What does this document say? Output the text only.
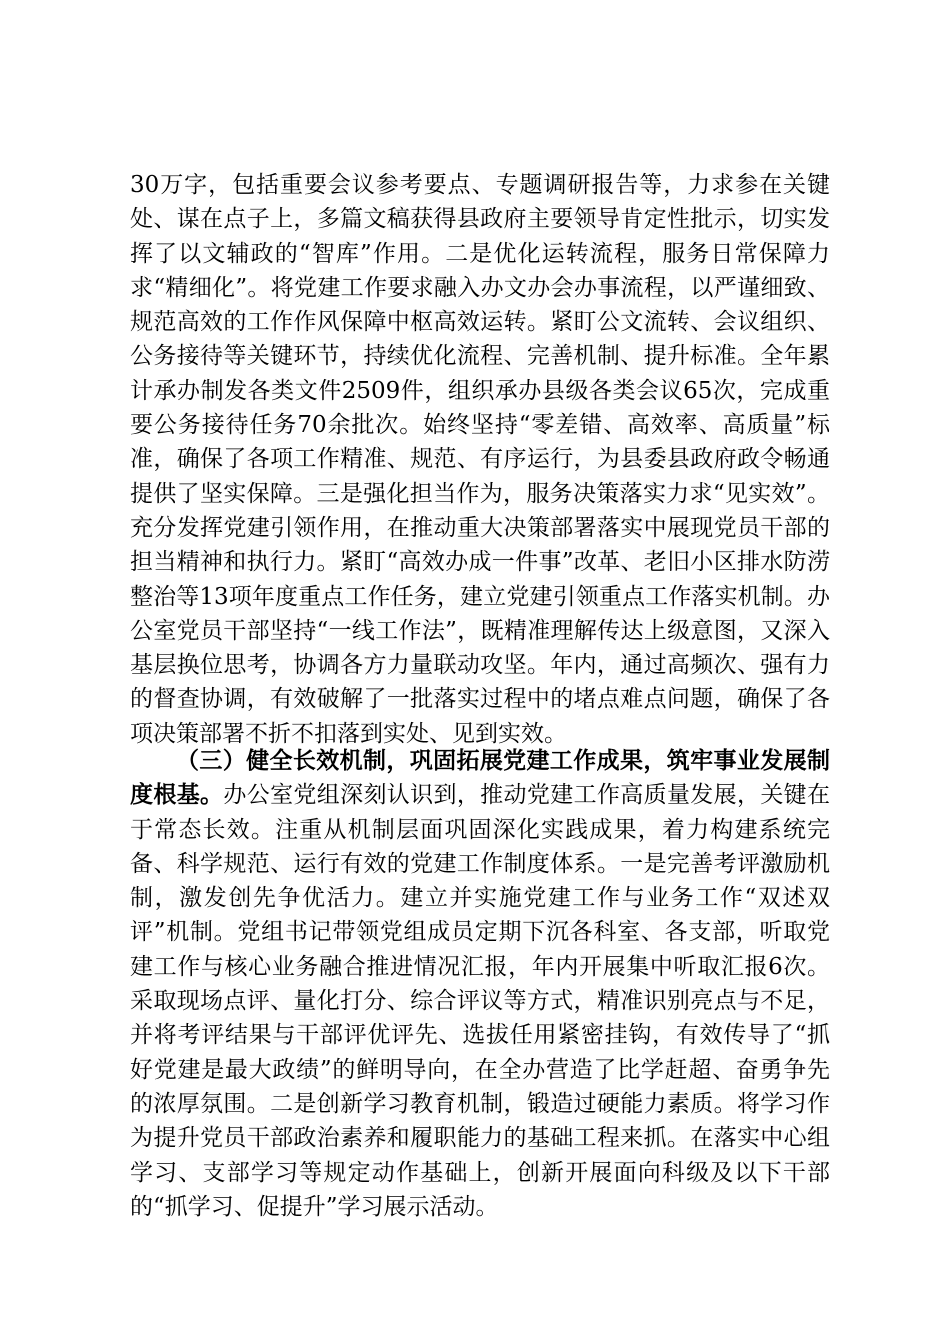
30万字，包括重要会议参考要点、专题调研报告等，力求参在关键处、谋在点子上，多篇文稿获得县政府主要领导肯定性批示，切实发挥了以文辅政的“智库”作用。二是优化运转流程，服务日常保障力求“精细化”。将党建工作要求融入办文办会办事流程，以严谨细致、规范高效的工作作风保障中枢高效运转。紧盯公文流转、会议组织、公务接待等关键环节，持续优化流程、完善机制、提升标准。全年累计承办制发各类文件2509件，组织承办县级各类会议65次，完成重要公务接待任务70余批次。始终坚持“零差错、高效率、高质量”标准，确保了各项工作精准、规范、有序运行，为县委县政府政令畅通提供了坚实保障。三是强化担当作为，服务决策落实力求“见实效”。充分发挥党建引领作用，在推动重大决策部署落实中展现党员干部的担当精神和执行力。紧盯“高效办成一件事”改革、老旧小区排水防涝整治等13项年度重点工作任务，建立党建引领重点工作落实机制。办公室党员干部坚持“一线工作法”，既精准理解传达上级意图，又深入基层换位思考，协调各方力量联动攻坚。年内，通过高频次、强有力的督查协调，有效破解了一批落实过程中的堵点难点问题，确保了各项决策部署不折不扣落到实处、见到实效。

（三）健全长效机制，巩固拓展党建工作成果，筑牢事业发展制度根基。办公室党组深刻认识到，推动党建工作高质量发展，关键在于常态长效。注重从机制层面巩固深化实践成果，着力构建系统完备、科学规范、运行有效的党建工作制度体系。一是完善考评激励机制，激发创先争优活力。建立并实施党建工作与业务工作“双述双评”机制。党组书记带领党组成员定期下沉各科室、各支部，听取党建工作与核心业务融合推进情况汇报，年内开展集中听取汇报6次。采取现场点评、量化打分、综合评议等方式，精准识别亮点与不足，并将考评结果与干部评优评先、选拔任用紧密挂钩，有效传导了“抓好党建是最大政绩”的鲜明导向，在全办营造了比学赶超、奋勇争先的浓厚氛围。二是创新学习教育机制，锻造过硬能力素质。将学习作为提升党员干部政治素养和履职能力的基础工程来抓。在落实中心组学习、支部学习等规定动作基础上，创新开展面向科级及以下干部的“抓学习、促提升”学习展示活动。
